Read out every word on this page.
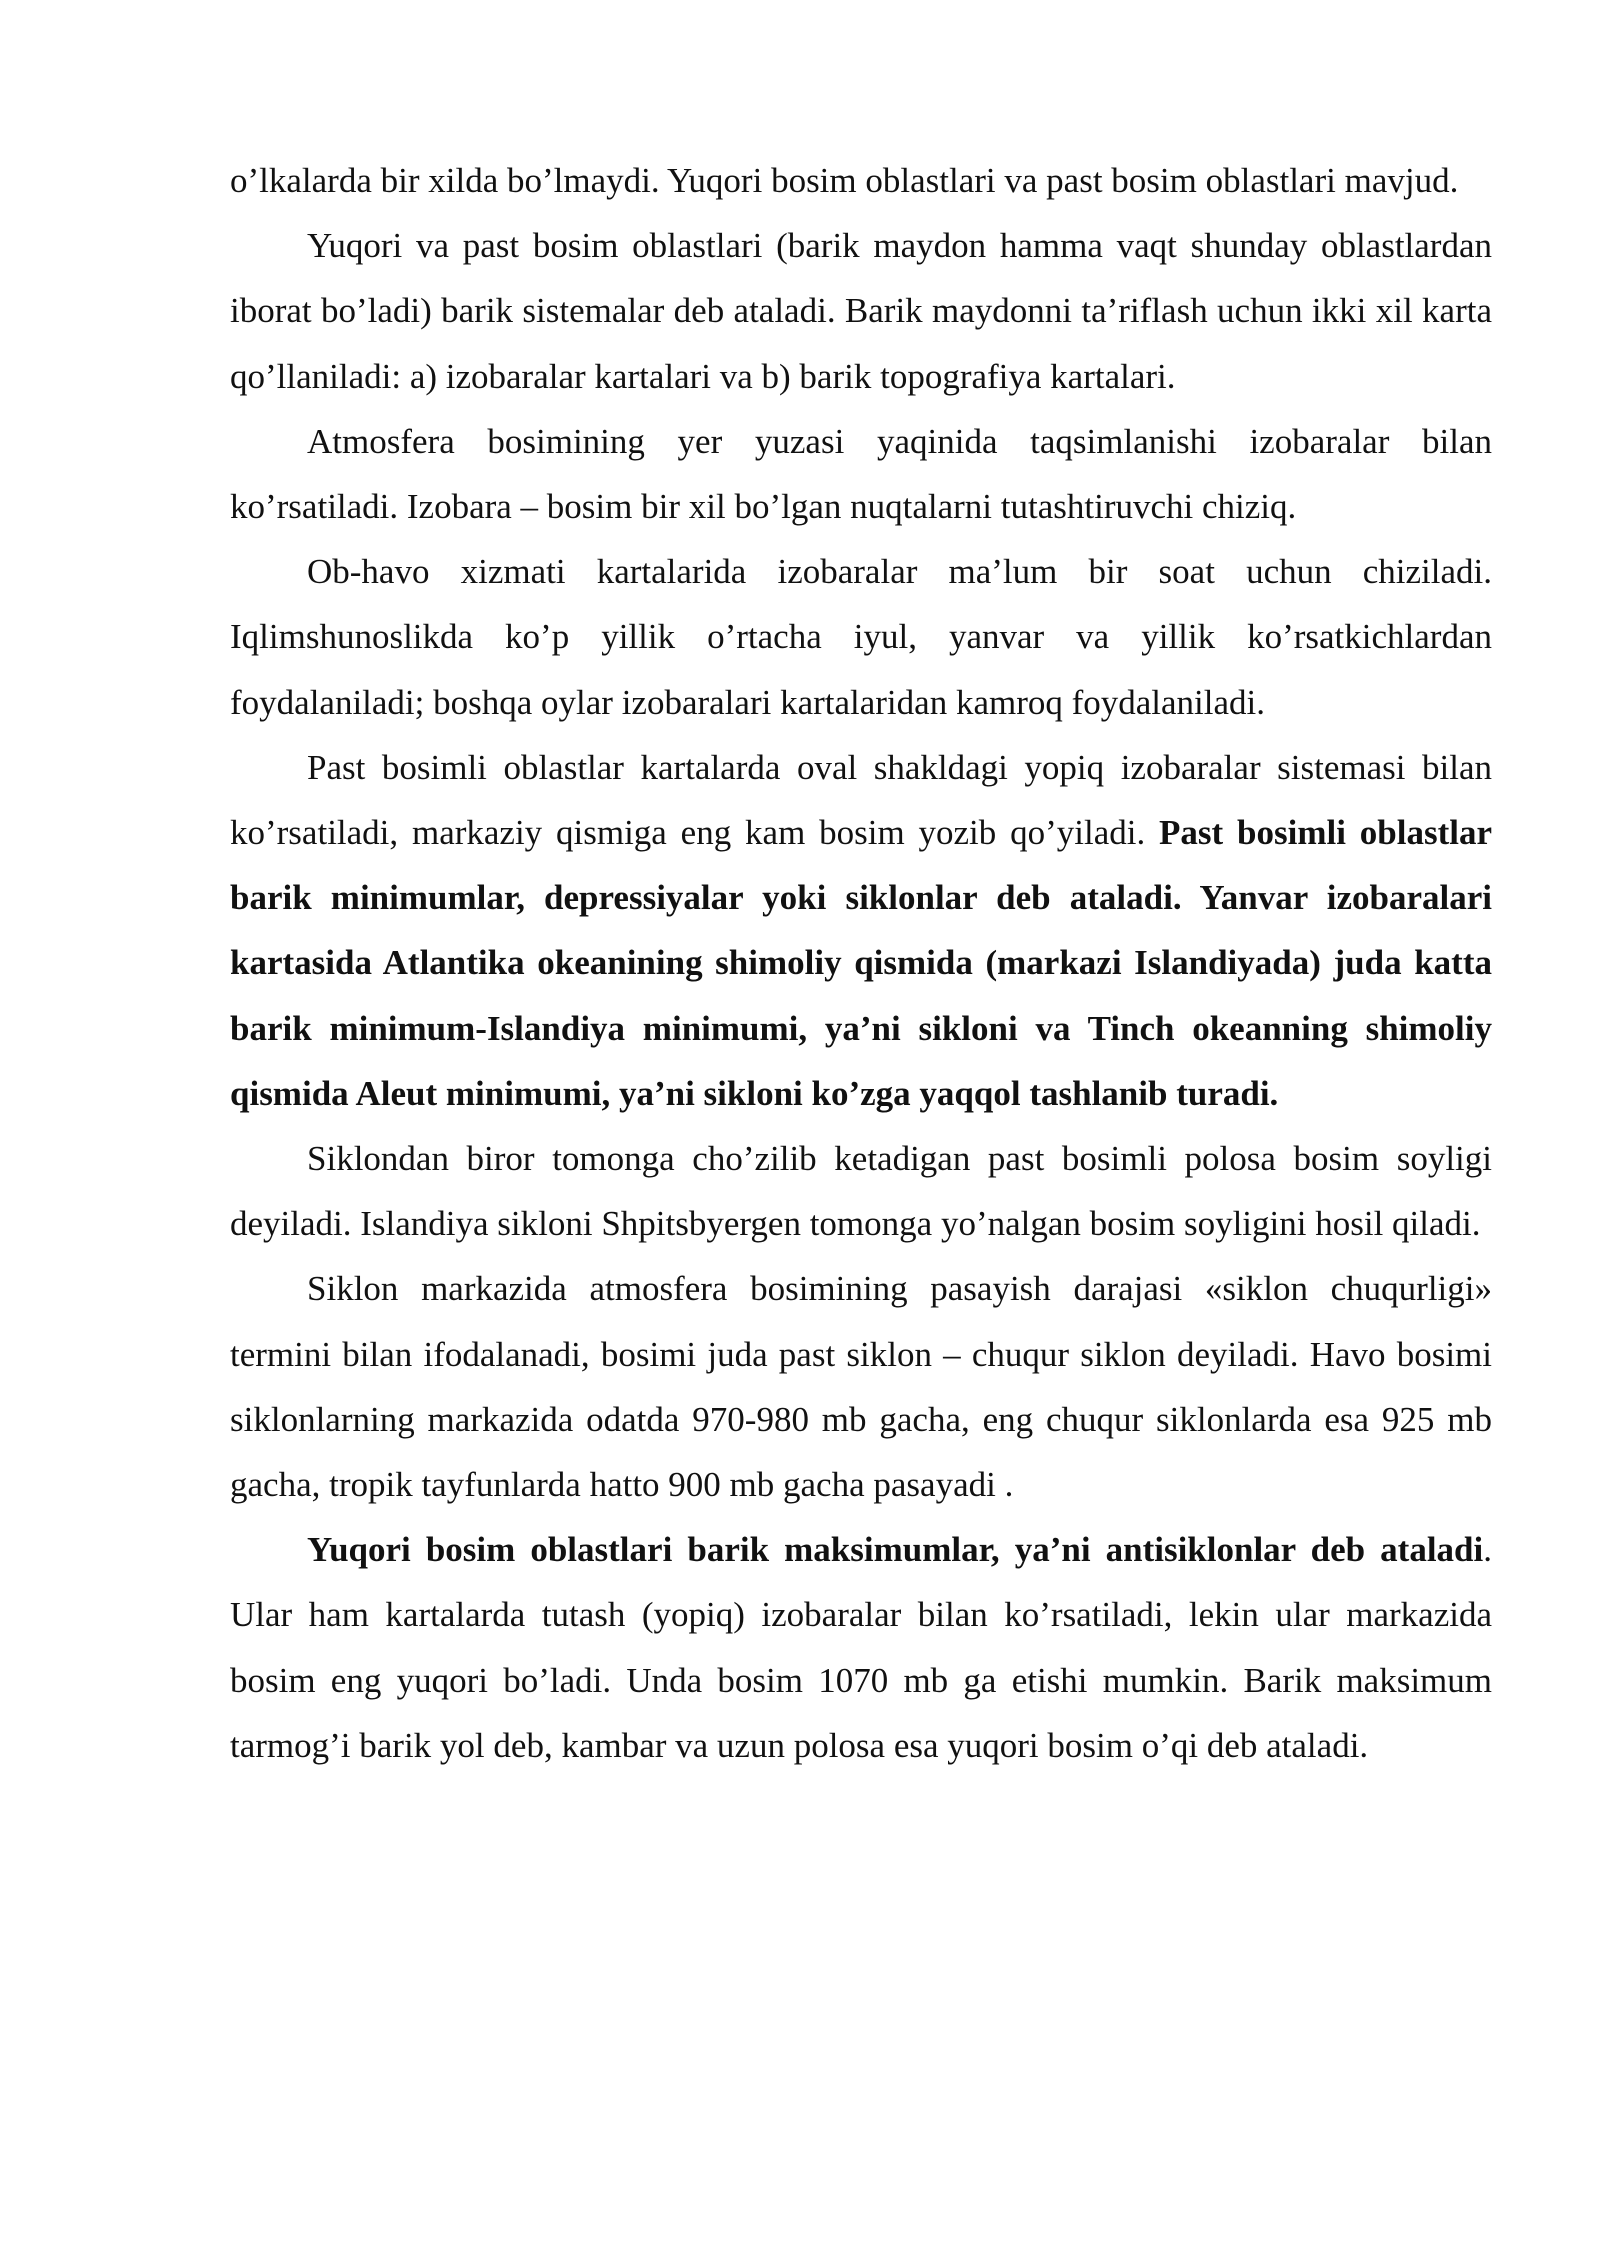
o’lkalarda bir xilda bo’lmaydi. Yuqori bosim oblastlari va past bosim oblastlari mavjud.

Yuqori va past bosim oblastlari (barik maydon hamma vaqt shunday oblastlardan iborat bo’ladi) barik sistemalar deb ataladi. Barik maydonni ta’riflash uchun ikki xil karta qo’llaniladi: a) izobaralar kartalari va b) barik topografiya kartalari.

Atmosfera bosimining yer yuzasi yaqinida taqsimlanishi izobaralar bilan ko’rsatiladi. Izobara – bosim bir xil bo’lgan nuqtalarni tutashtiruvchi chiziq.

Ob-havo xizmati kartalarida izobaralar ma’lum bir soat uchun chiziladi. Iqlimshunoslikda ko’p yillik o’rtacha iyul, yanvar va yillik ko’rsatkichlardan foydalaniladi; boshqa oylar izobaralari kartalaridan kamroq foydalaniladi.

Past bosimli oblastlar kartalarda oval shakldagi yopiq izobaralar sistemasi bilan ko’rsatiladi, markaziy qismiga eng kam bosim yozib qo’yiladi. Past bosimli oblastlar barik minimumlar, depressiyalar yoki siklonlar deb ataladi. Yanvar izobaralari kartasida Atlantika okeanining shimoliy qismida (markazi Islandiyada) juda katta barik minimum-Islandiya minimumi, ya’ni sikloni va Tinch okeanning shimoliy qismida Aleut minimumi, ya’ni sikloni ko’zga yaqqol tashlanib turadi.

Siklondan biror tomonga cho’zilib ketadigan past bosimli polosa bosim soyligi deyiladi. Islandiya sikloni Shpitsbyergen tomonga yo’nalgan bosim soyligini hosil qiladi.

Siklon markazida atmosfera bosimining pasayish darajasi «siklon chuqurligi» termini bilan ifodalanadi, bosimi juda past siklon – chuqur siklon deyiladi. Havo bosimi siklonlarning markazida odatda 970-980 mb gacha, eng chuqur siklonlarda esa 925 mb gacha, tropik tayfunlarda hatto 900 mb gacha pasayadi .

Yuqori bosim oblastlari barik maksimumlar, ya’ni antisiklonlar deb ataladi. Ular ham kartalarda tutash (yopiq) izobaralar bilan ko’rsatiladi, lekin ular markazida bosim eng yuqori bo’ladi. Unda bosim 1070 mb ga etishi mumkin. Barik maksimum tarmog’i barik yol deb, kambar va uzun polosa esa yuqori bosim o’qi deb ataladi.
